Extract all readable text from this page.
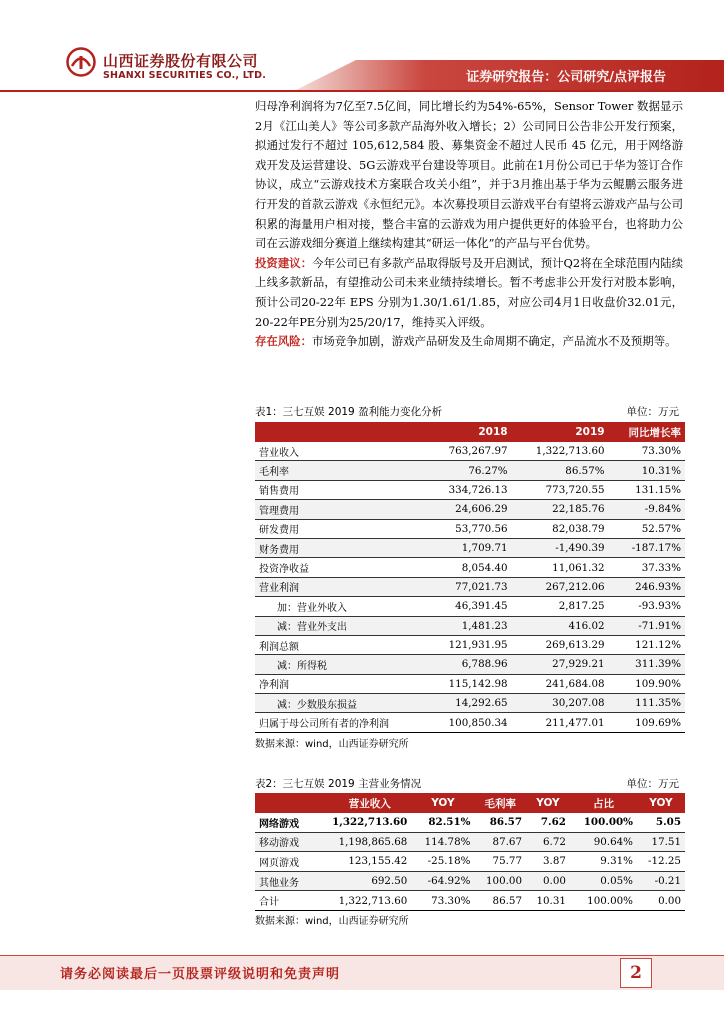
山西证券股份有限公司
SHANXI SECURITIES CO., LTD.	证券研究报告：公司研究/点评报告

归母净利润将为7亿至7.5亿间，同比增长约为54%-65%，Sensor Tower 数据显示2月《江山美人》等公司多款产品海外收入增长；2）公司同日公告非公开发行预案，拟通过发行不超过 105,612,584 股、募集资金不超过人民币 45 亿元，用于网络游戏开发及运营建设、5G云游戏平台建设等项目。此前在1月份公司已于华为签订合作协议，成立“云游戏技术方案联合攻关小组”，并于3月推出基于华为云鲲鹏云服务进行开发的首款云游戏《永恒纪元》。本次募投项目云游戏平台有望将云游戏产品与公司积累的海量用户相对接，整合丰富的云游戏为用户提供更好的体验平台，也将助力公司在云游戏细分赛道上继续构建其“研运一体化”的产品与平台优势。

投资建议：今年公司已有多款产品取得版号及开启测试，预计Q2将在全球范围内陆续上线多款新品，有望推动公司未来业绩持续增长。暂不考虑非公开发行对股本影响，预计公司20-22年 EPS 分别为1.30/1.61/1.85，对应公司4月1日收盘价32.01元，20-22年PE分别为25/20/17，维持买入评级。

存在风险：市场竞争加剧，游戏产品研发及生命周期不确定，产品流水不及预期等。

表1：三七互娱 2019 盈利能力变化分析	单位：万元
	2018	2019	同比增长率
营业收入	763,267.97	1,322,713.60	73.30%
毛利率	76.27%	86.57%	10.31%
销售费用	334,726.13	773,720.55	131.15%
管理费用	24,606.29	22,185.76	-9.84%
研发费用	53,770.56	82,038.79	52.57%
财务费用	1,709.71	-1,490.39	-187.17%
投资净收益	8,054.40	11,061.32	37.33%
营业利润	77,021.73	267,212.06	246.93%
加：营业外收入	46,391.45	2,817.25	-93.93%
减：营业外支出	1,481.23	416.02	-71.91%
利润总额	121,931.95	269,613.29	121.12%
减：所得税	6,788.96	27,929.21	311.39%
净利润	115,142.98	241,684.08	109.90%
减：少数股东损益	14,292.65	30,207.08	111.35%
归属于母公司所有者的净利润	100,850.34	211,477.01	109.69%
数据来源：wind，山西证券研究所
表2：三七互娱 2019 主营业务情况	单位：万元
	营业收入	YOY	毛利率	YOY	占比	YOY
网络游戏	1,322,713.60	82.51%	86.57	7.62	100.00%	5.05
移动游戏	1,198,865.68	114.78%	87.67	6.72	90.64%	17.51
网页游戏	123,155.42	-25.18%	75.77	3.87	9.31%	-12.25
其他业务	692.50	-64.92%	100.00	0.00	0.05%	-0.21
合计	1,322,713.60	73.30%	86.57	10.31	100.00%	0.00
数据来源：wind，山西证券研究所
请务必阅读最后一页股票评级说明和免责声明	2
